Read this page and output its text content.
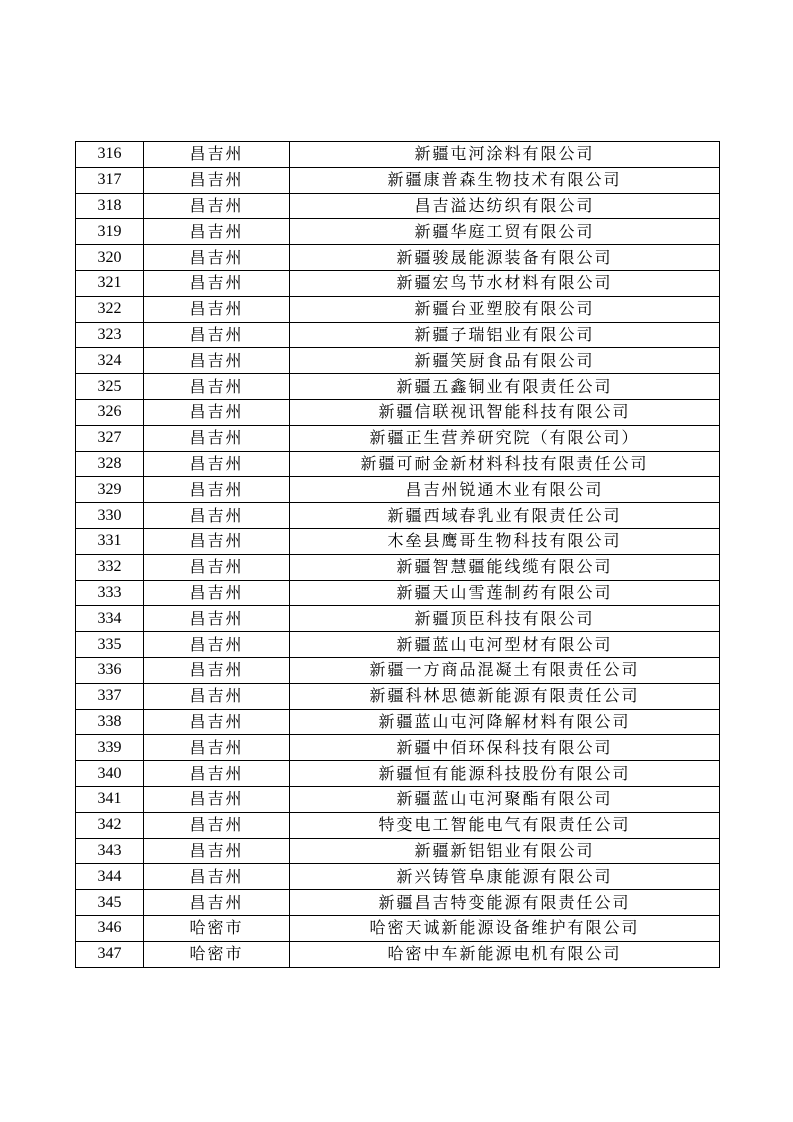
316	昌吉州	新疆屯河涂料有限公司
317	昌吉州	新疆康普森生物技术有限公司
318	昌吉州	昌吉溢达纺织有限公司
319	昌吉州	新疆华庭工贸有限公司
320	昌吉州	新疆骏晟能源装备有限公司
321	昌吉州	新疆宏鸟节水材料有限公司
322	昌吉州	新疆台亚塑胶有限公司
323	昌吉州	新疆子瑞铝业有限公司
324	昌吉州	新疆笑厨食品有限公司
325	昌吉州	新疆五鑫铜业有限责任公司
326	昌吉州	新疆信联视讯智能科技有限公司
327	昌吉州	新疆正生营养研究院（有限公司）
328	昌吉州	新疆可耐金新材料科技有限责任公司
329	昌吉州	昌吉州锐通木业有限公司
330	昌吉州	新疆西域春乳业有限责任公司
331	昌吉州	木垒县鹰哥生物科技有限公司
332	昌吉州	新疆智慧疆能线缆有限公司
333	昌吉州	新疆天山雪莲制药有限公司
334	昌吉州	新疆顶臣科技有限公司
335	昌吉州	新疆蓝山屯河型材有限公司
336	昌吉州	新疆一方商品混凝土有限责任公司
337	昌吉州	新疆科林思德新能源有限责任公司
338	昌吉州	新疆蓝山屯河降解材料有限公司
339	昌吉州	新疆中佰环保科技有限公司
340	昌吉州	新疆恒有能源科技股份有限公司
341	昌吉州	新疆蓝山屯河聚酯有限公司
342	昌吉州	特变电工智能电气有限责任公司
343	昌吉州	新疆新铝铝业有限公司
344	昌吉州	新兴铸管阜康能源有限公司
345	昌吉州	新疆昌吉特变能源有限责任公司
346	哈密市	哈密天诚新能源设备维护有限公司
347	哈密市	哈密中车新能源电机有限公司
